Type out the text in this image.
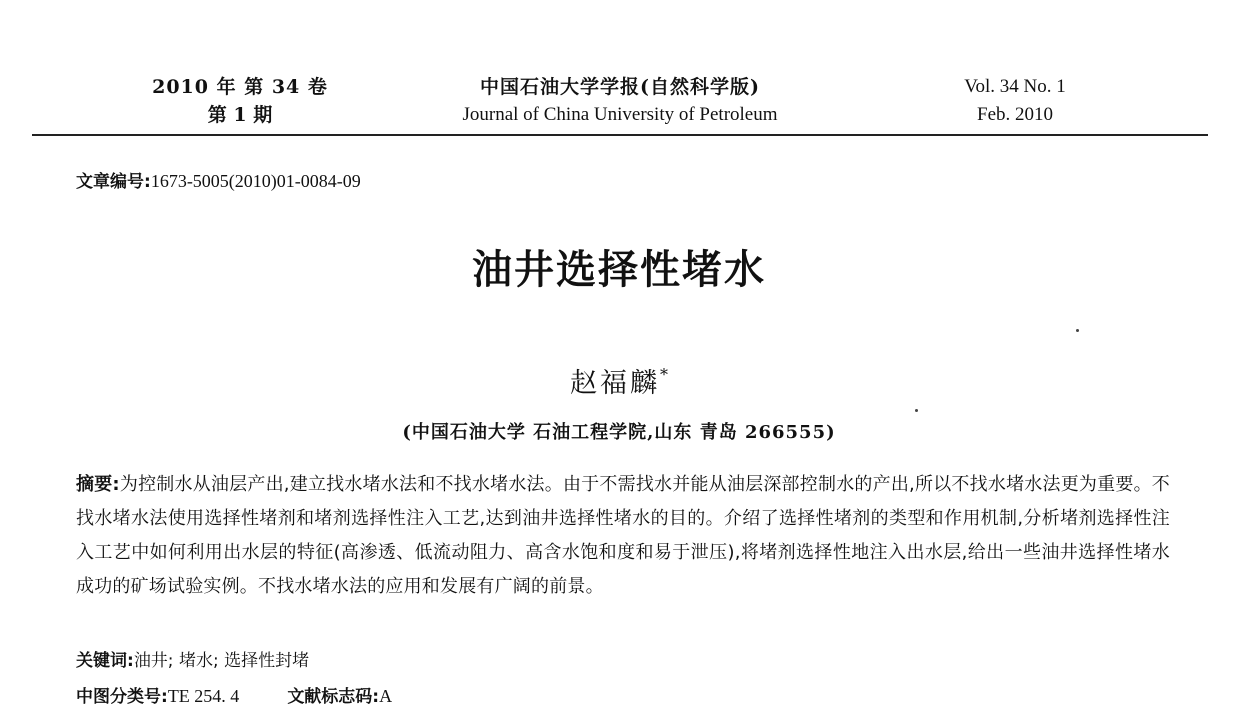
2010 年 第 34 卷
第 1 期
中国石油大学学报(自然科学版)
Journal of China University of Petroleum
Vol. 34 No. 1
Feb. 2010
文章编号:1673-5005(2010)01-0084-09
油井选择性堵水
赵福麟*
(中国石油大学 石油工程学院,山东 青岛 266555)
摘要:为控制水从油层产出,建立找水堵水法和不找水堵水法。由于不需找水并能从油层深部控制水的产出,所以不找水堵水法更为重要。不找水堵水法使用选择性堵剂和堵剂选择性注入工艺,达到油井选择性堵水的目的。介绍了选择性堵剂的类型和作用机制,分析堵剂选择性注入工艺中如何利用出水层的特征(高渗透、低流动阻力、高含水饱和度和易于泄压),将堵剂选择性地注入出水层,给出一些油井选择性堵水成功的矿场试验实例。不找水堵水法的应用和发展有广阔的前景。
关键词:油井; 堵水; 选择性封堵
中图分类号:TE 254. 4	文献标志码:A
